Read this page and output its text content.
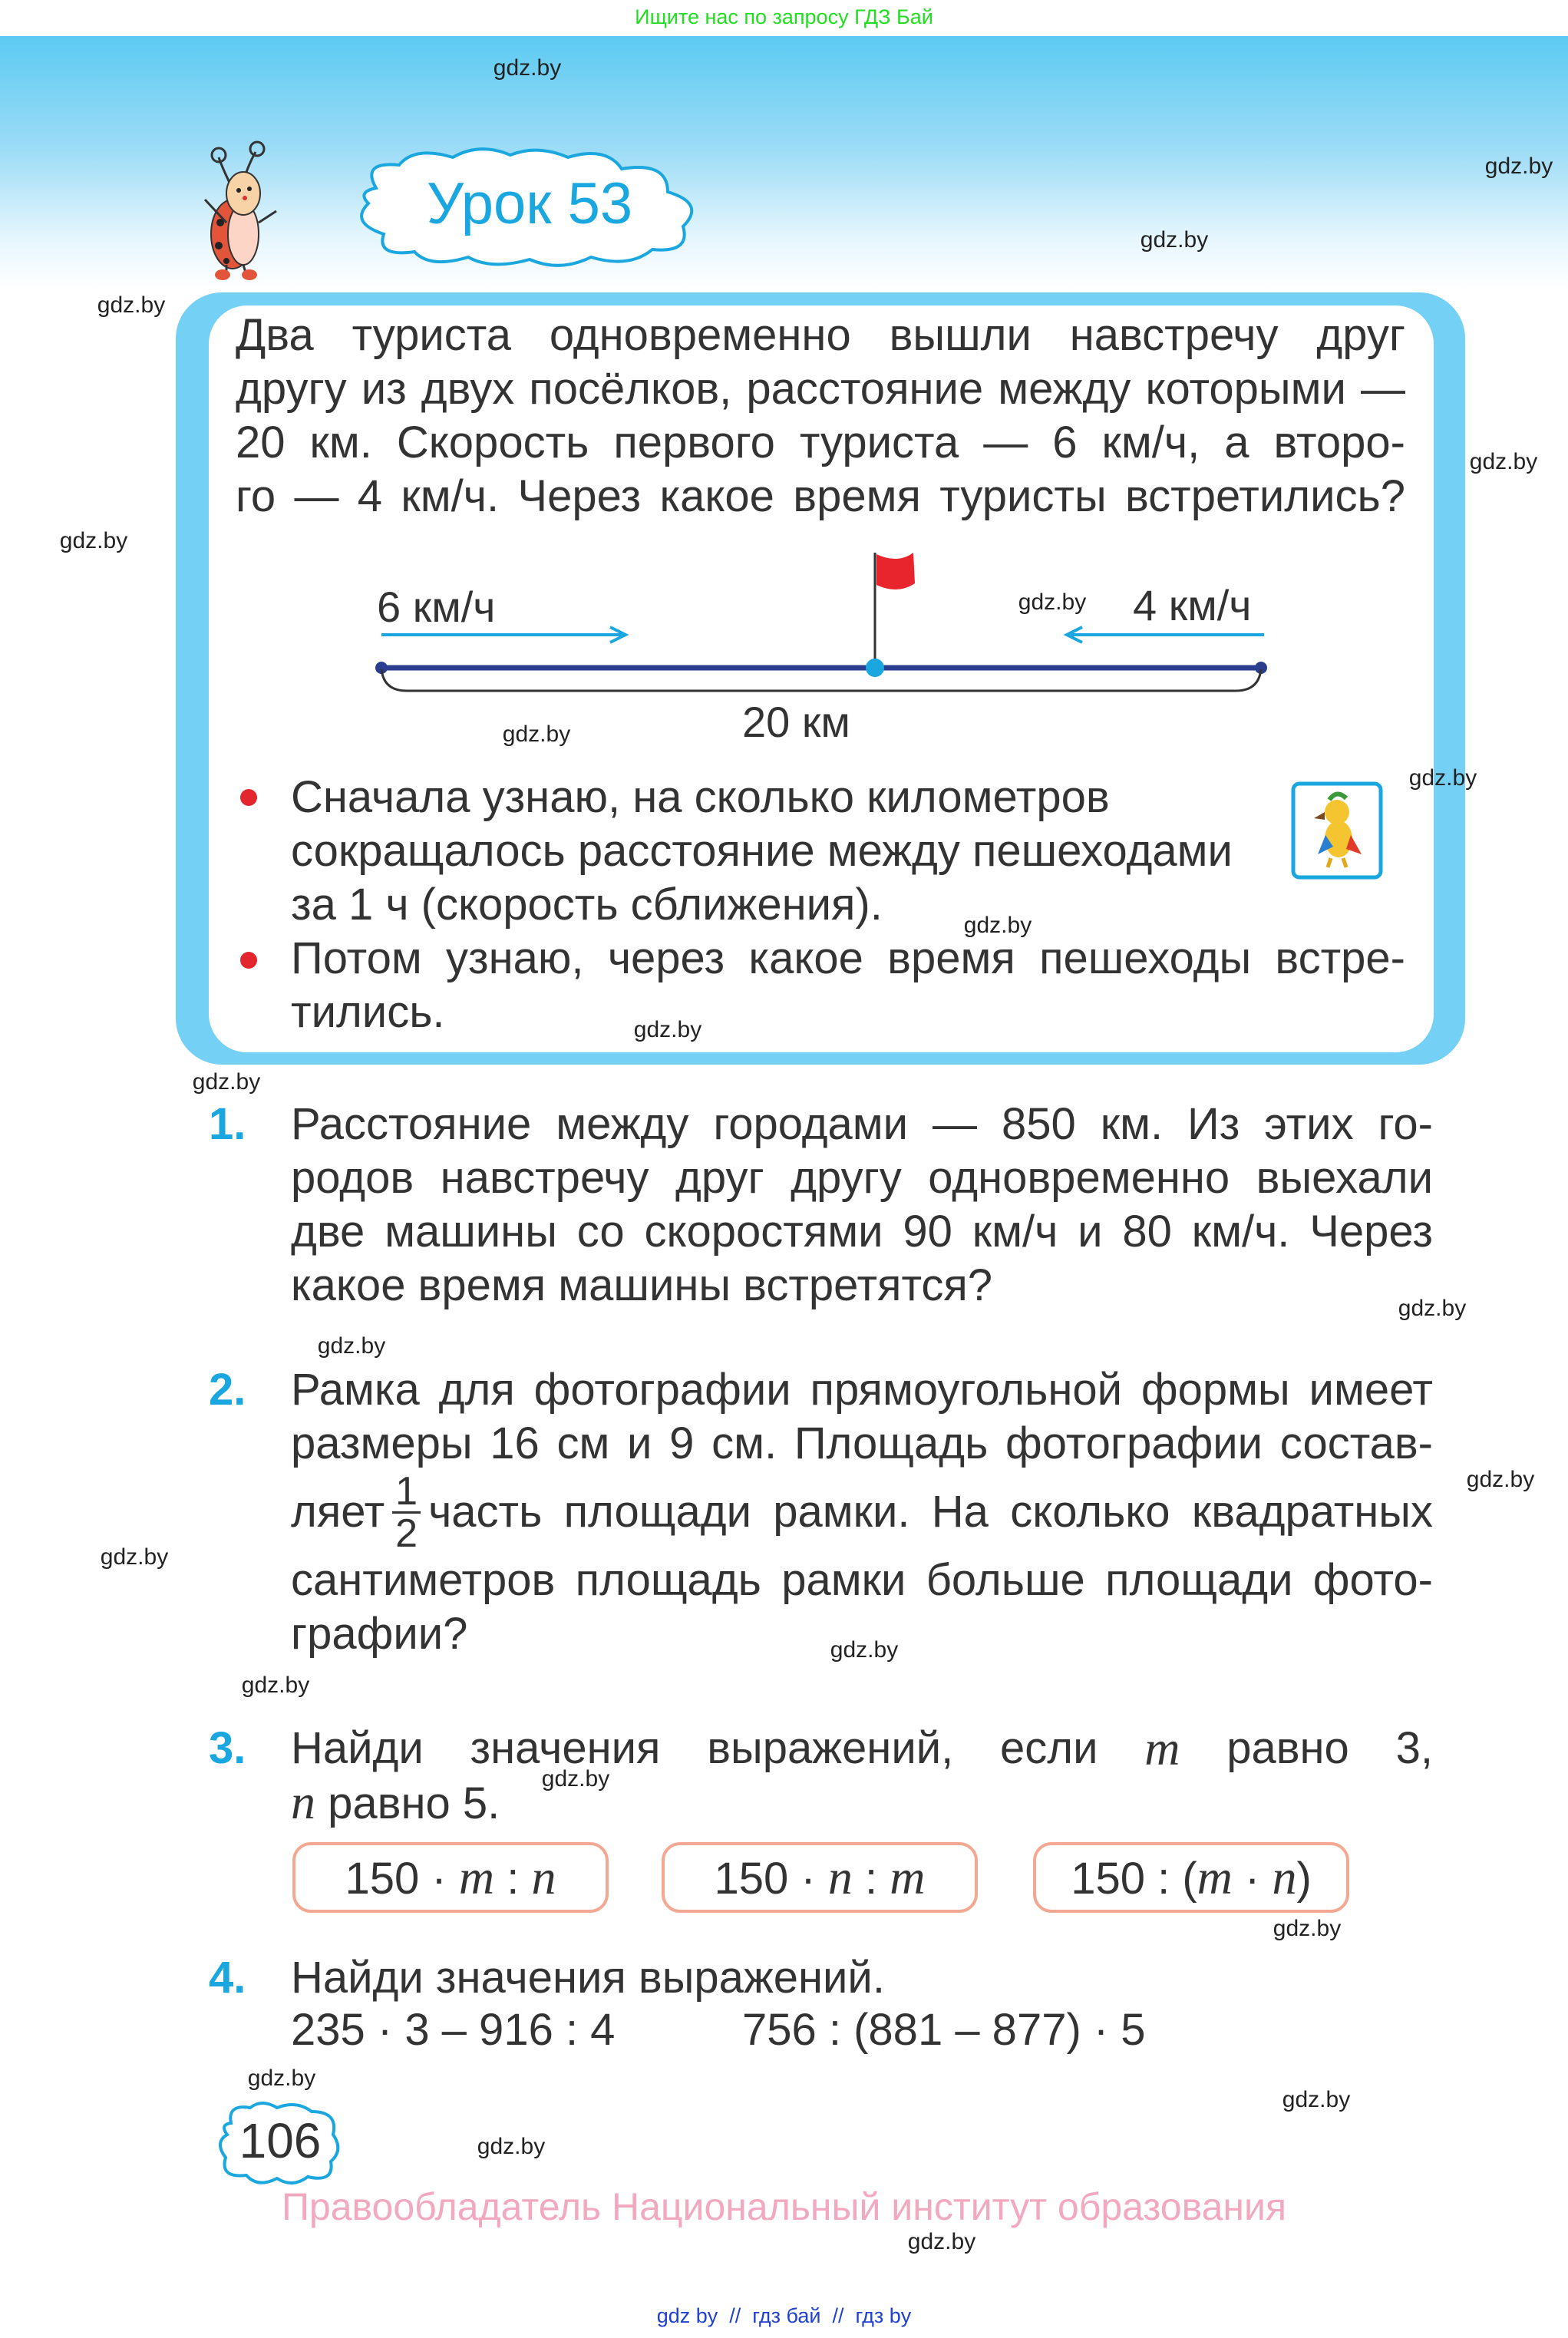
Ищите нас по запросу ГДЗ Бай
Урок 53
Два туриста одновременно вышли навстречу друг
другу из двух посёлков, расстояние между которыми —
20 км. Скорость первого туриста — 6 км/ч, а второ-
го — 4 км/ч. Через какое время туристы встретились?
6 км/ч	4 км/ч
20 км
Сначала узнаю, на сколько километров
сокращалось расстояние между пешеходами
за 1 ч (скорость сближения).
Потом узнаю, через какое время пешеходы встре-
тились.
1. Расстояние между городами — 850 км. Из этих го-
родов навстречу друг другу одновременно выехали
две машины со скоростями 90 км/ч и 80 км/ч. Через
какое время машины встретятся?
2. Рамка для фотографии прямоугольной формы имеет
размеры 16 см и 9 см. Площадь фотографии состав-
ляет $\frac{1}{2}$ часть площади рамки. На сколько квадратных
сантиметров площадь рамки больше площади фото-
графии?
3. Найди значения выражений, если m равно 3,
n равно 5.
150 · m : n	150 · n : m	150 : (m · n)
4. Найди значения выражений.
235 · 3 – 916 : 4	756 : (881 – 877) · 5
106
Правообладатель Национальный институт образования
gdz by  //  гдз бай  //  гдз by
gdz.by
gdz.by
gdz.by
gdz.by
gdz.by
gdz.by
gdz.by
gdz.by
gdz.by
gdz.by
gdz.by
gdz.by
gdz.by
gdz.by
gdz.by
gdz.by
gdz.by
gdz.by
gdz.by
gdz.by
gdz.by
gdz.by
gdz.by
gdz.by
